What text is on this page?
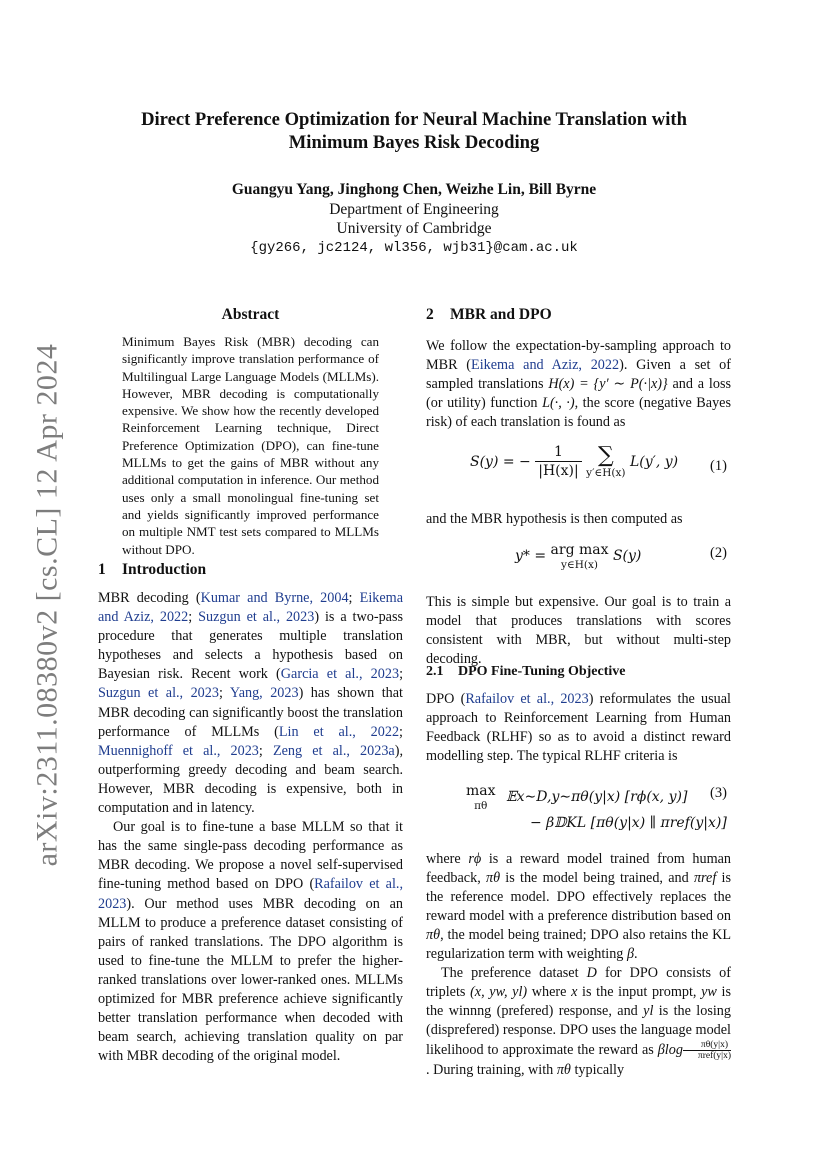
arXiv:2311.08380v2 [cs.CL] 12 Apr 2024
Direct Preference Optimization for Neural Machine Translation with
Minimum Bayes Risk Decoding
Guangyu Yang, Jinghong Chen, Weizhe Lin, Bill Byrne
Department of Engineering
University of Cambridge
{gy266, jc2124, wl356, wjb31}@cam.ac.uk
Abstract
Minimum Bayes Risk (MBR) decoding can significantly improve translation performance of Multilingual Large Language Models (MLLMs). However, MBR decoding is computationally expensive. We show how the recently developed Reinforcement Learning technique, Direct Preference Optimization (DPO), can fine-tune MLLMs to get the gains of MBR without any additional computation in inference. Our method uses only a small monolingual fine-tuning set and yields significantly improved performance on multiple NMT test sets compared to MLLMs without DPO.
1 Introduction

MBR decoding (Kumar and Byrne, 2004; Eikema and Aziz, 2022; Suzgun et al., 2023) is a two-pass procedure that generates multiple translation hypotheses and selects a hypothesis based on Bayesian risk. Recent work (Garcia et al., 2023; Suzgun et al., 2023; Yang, 2023) has shown that MBR decoding can significantly boost the translation performance of MLLMs (Lin et al., 2022; Muennighoff et al., 2023; Zeng et al., 2023a), outperforming greedy decoding and beam search. However, MBR decoding is expensive, both in computation and in latency.

Our goal is to fine-tune a base MLLM so that it has the same single-pass decoding performance as MBR decoding. We propose a novel self-supervised fine-tuning method based on DPO (Rafailov et al., 2023). Our method uses MBR decoding on an MLLM to produce a preference dataset consisting of pairs of ranked translations. The DPO algorithm is used to fine-tune the MLLM to prefer the higher-ranked translations over lower-ranked ones. MLLMs optimized for MBR preference achieve significantly better translation performance when decoded with beam search, achieving translation quality on par with MBR decoding of the original model.

2 MBR and DPO

We follow the expectation-by-sampling approach to MBR (Eikema and Aziz, 2022). Given a set of sampled translations H(x) = {y′ ∼ P(·|x)} and a loss (or utility) function L(·, ·), the score (negative Bayes risk) of each translation is found as

S(y) = − $\frac{1}{|H(x)|}$
∑
y′∈H(x)
L(y′, y) (1)
and the MBR hypothesis is then computed as
y* = arg max
y∈H(x)
S(y)	(2)
This is simple but expensive. Our goal is to train a model that produces translations with scores consistent with MBR, but without multi-step decoding.
2.1 DPO Fine-Tuning Objective

DPO (Rafailov et al., 2023) reformulates the usual approach to Reinforcement Learning from Human Feedback (RLHF) so as to avoid a distinct reward modelling step. The typical RLHF criteria is

max
πθ
𝔼x∼D,y∼πθ(y|x) [rϕ(x, y)]
− β𝔻KL [πθ(y|x) ∥ πref(y|x)]
(3)

where rϕ is a reward model trained from human feedback, πθ is the model being trained, and πref is the reference model. DPO effectively replaces the reward model with a preference distribution based on πθ, the model being trained; DPO also retains the KL regularization term with weighting β.

The preference dataset D for DPO consists of triplets (x, yw, yl) where x is the input prompt, yw is the winnng (prefered) response, and yl is the losing (disprefered) response. DPO uses the language model likelihood to approximate the reward as βlog	πθ(y|x)
πref(y|x)
. During training, with πθ typically
